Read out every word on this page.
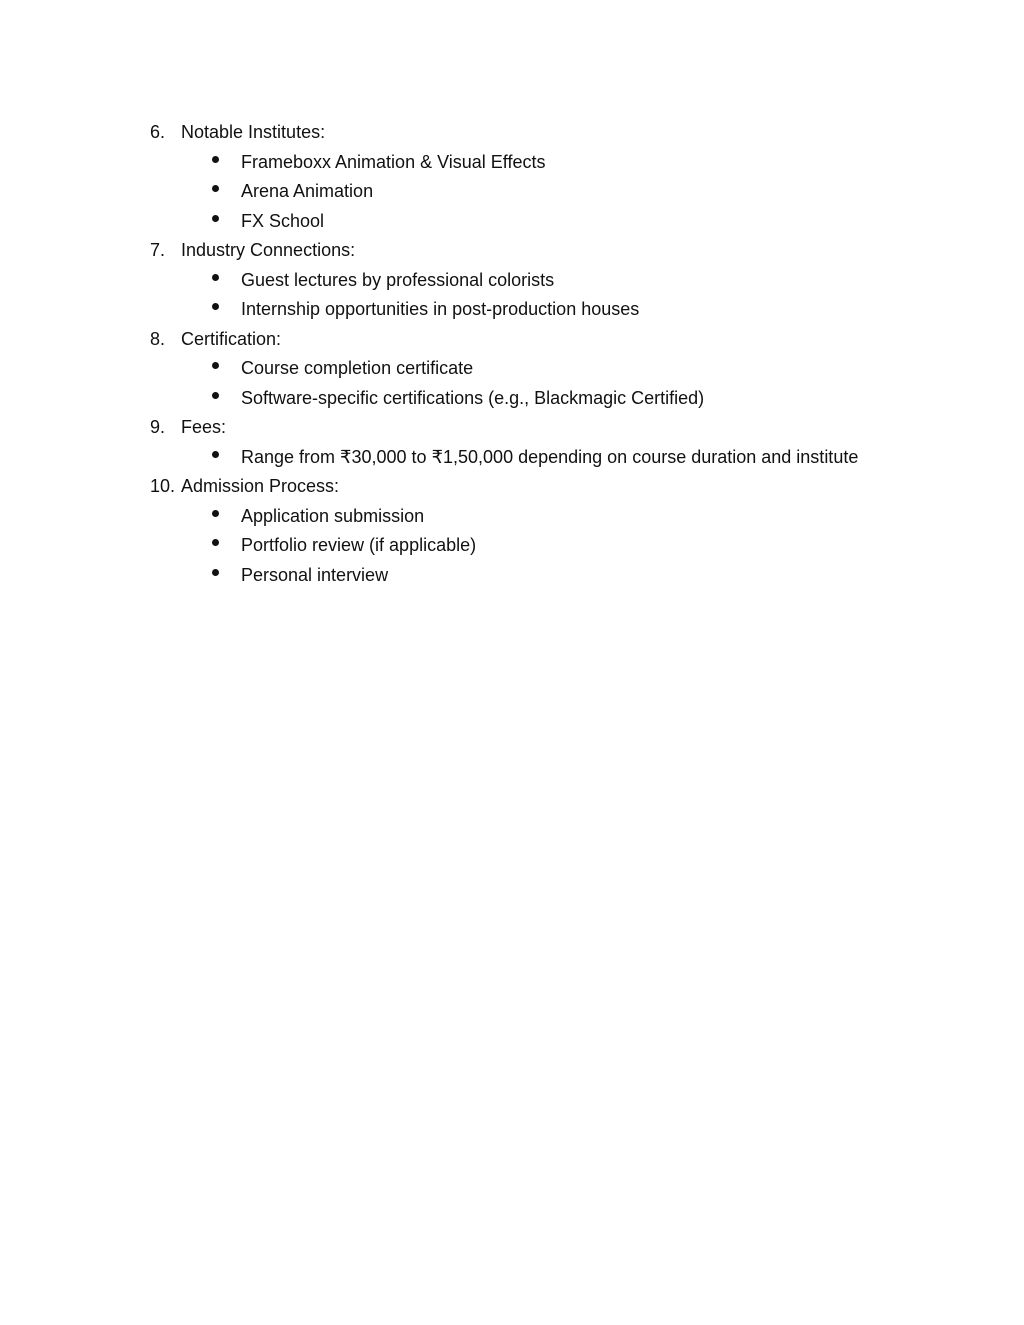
6. Notable Institutes:
Frameboxx Animation & Visual Effects
Arena Animation
FX School
7. Industry Connections:
Guest lectures by professional colorists
Internship opportunities in post-production houses
8. Certification:
Course completion certificate
Software-specific certifications (e.g., Blackmagic Certified)
9. Fees:
Range from ₹30,000 to ₹1,50,000 depending on course duration and institute
10. Admission Process:
Application submission
Portfolio review (if applicable)
Personal interview
